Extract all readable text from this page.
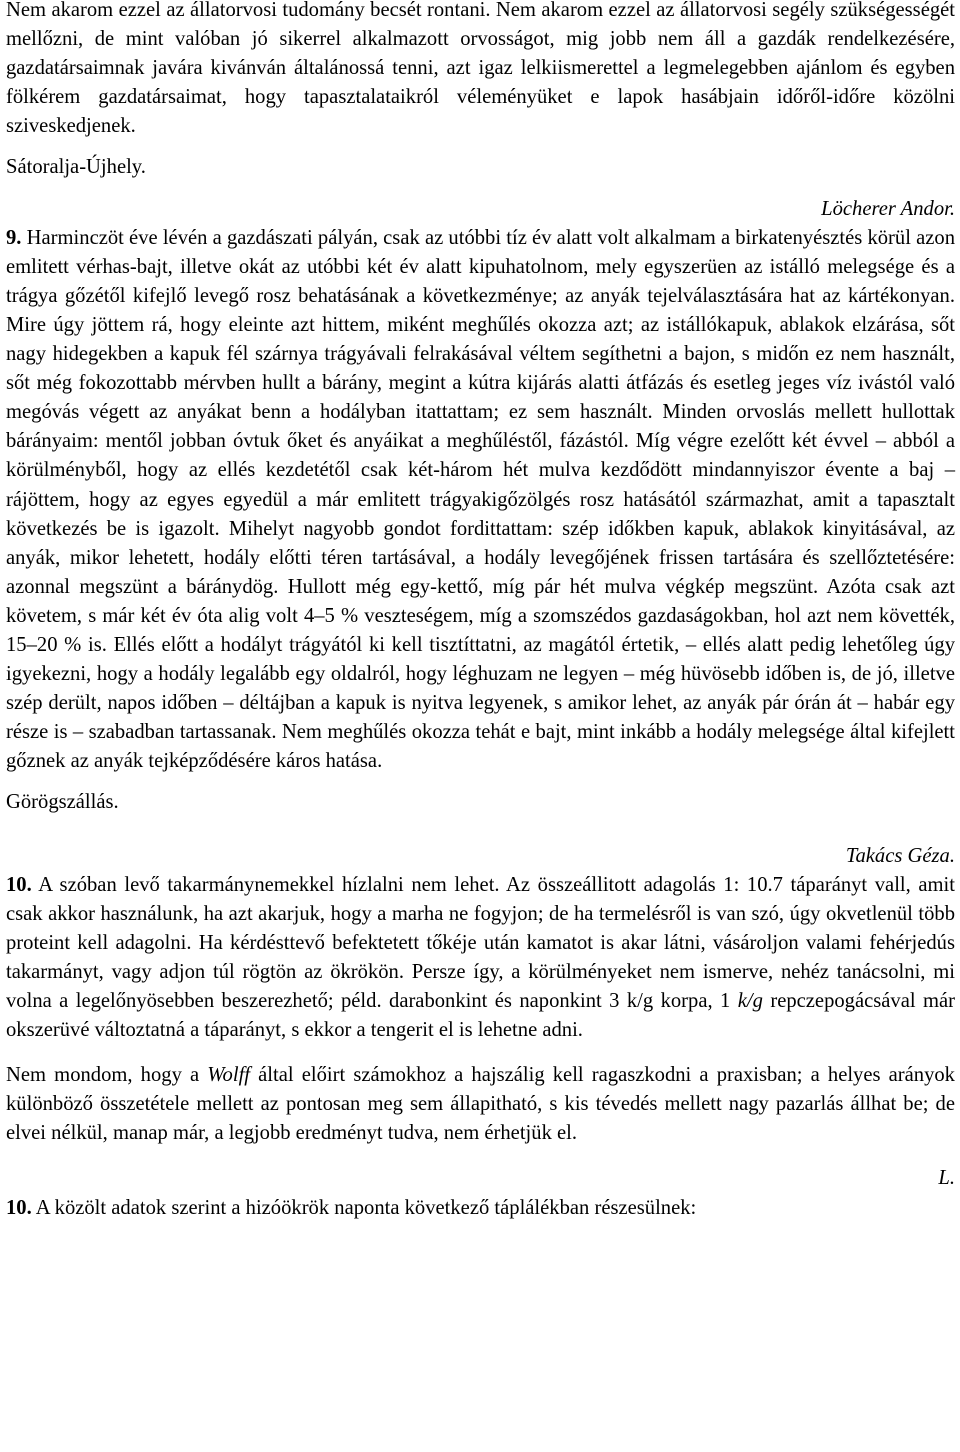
Nem akarom ezzel az állatorvosi tudomány becsét rontani. Nem akarom ezzel az állatorvosi segély szükségességét mellőzni, de mint valóban jó sikerrel alkalmazott orvosságot, mig jobb nem áll a gazdák rendelkezésére, gazdatársaimnak javára kivánván általánossá tenni, azt igaz lelkiismerettel a legmelegebben ajánlom és egyben fölkérem gazdatársaimat, hogy tapasztalataikról véleményüket e lapok hasábjain időről-időre közölni sziveskedjenek.

Sátoralja-Újhely.

Löcherer Andor.

9. Harminczöt éve lévén a gazdászati pályán, csak az utóbbi tíz év alatt volt alkalmam a birkatenyésztés körül azon emlitett vérhas-bajt, illetve okát az utóbbi két év alatt kipuhatolnom, mely egyszerüen az istálló melegsége és a trágya gőzétől kifejlő levegő rosz behatásának a következménye; az anyák tejelválasztására hat az kártékonyan. Mire úgy jöttem rá, hogy eleinte azt hittem, miként meghűlés okozza azt; az istállókapuk, ablakok elzárása, sőt nagy hidegekben a kapuk fél szárnya trágyávali felrakásával véltem segíthetni a bajon, s midőn ez nem használt, sőt még fokozottabb mérvben hullt a bárány, megint a kútra kijárás alatti átfázás és esetleg jeges víz ivástól való megóvás végett az anyákat benn a hodályban itattattam; ez sem használt. Minden orvoslás mellett hullottak bárányaim: mentől jobban óvtuk őket és anyáikat a meghűléstől, fázástól. Míg végre ezelőtt két évvel – abból a körülményből, hogy az ellés kezdetétől csak két-három hét mulva kezdődött mindannyiszor évente a baj – rájöttem, hogy az egyes egyedül a már emlitett trágyakigőzölgés rosz hatásától származhat, amit a tapasztalt következés be is igazolt. Mihelyt nagyobb gondot fordittattam: szép időkben kapuk, ablakok kinyitásával, az anyák, mikor lehetett, hodály előtti téren tartásával, a hodály levegőjének frissen tartására és szellőztetésére: azonnal megszünt a báránydög. Hullott még egy-kettő, míg pár hét mulva végkép megszünt. Azóta csak azt követem, s már két év óta alig volt 4–5 % veszteségem, míg a szomszédos gazdaságokban, hol azt nem követték, 15–20 % is. Ellés előtt a hodályt trágyától ki kell tisztíttatni, az magától értetik, – ellés alatt pedig lehetőleg úgy igyekezni, hogy a hodály legalább egy oldalról, hogy léghuzam ne legyen – még hüvösebb időben is, de jó, illetve szép derült, napos időben – déltájban a kapuk is nyitva legyenek, s amikor lehet, az anyák pár órán át – habár egy része is – szabadban tartassanak. Nem meghűlés okozza tehát e bajt, mint inkább a hodály melegsége által kifejlett gőznek az anyák tejképződésére káros hatása.

Görögszállás.

Takács Géza.

10. A szóban levő takarmánynemekkel hízlalni nem lehet. Az összeállitott adagolás 1: 10.7 táparányt vall, amit csak akkor használunk, ha azt akarjuk, hogy a marha ne fogyjon; de ha termelésről is van szó, úgy okvetlenül több proteint kell adagolni. Ha kérdésttevő befektetett tőkéje után kamatot is akar látni, vásároljon valami fehérjedús takarmányt, vagy adjon túl rögtön az ökrökön. Persze így, a körülményeket nem ismerve, nehéz tanácsolni, mi volna a legelőnyösebben beszerezhető; péld. darabonkint és naponkint 3 k/g korpa, 1 k/g repczepogácsával már okszerüvé változtatná a táparányt, s ekkor a tengerit el is lehetne adni.

Nem mondom, hogy a Wolff által előirt számokhoz a hajszálig kell ragaszkodni a praxisban; a helyes arányok különböző összetétele mellett az pontosan meg sem állapitható, s kis tévedés mellett nagy pazarlás állhat be; de elvei nélkül, manap már, a legjobb eredményt tudva, nem érhetjük el.

L.

10. A közölt adatok szerint a hizóökrök naponta következő táplálékban részesülnek:
